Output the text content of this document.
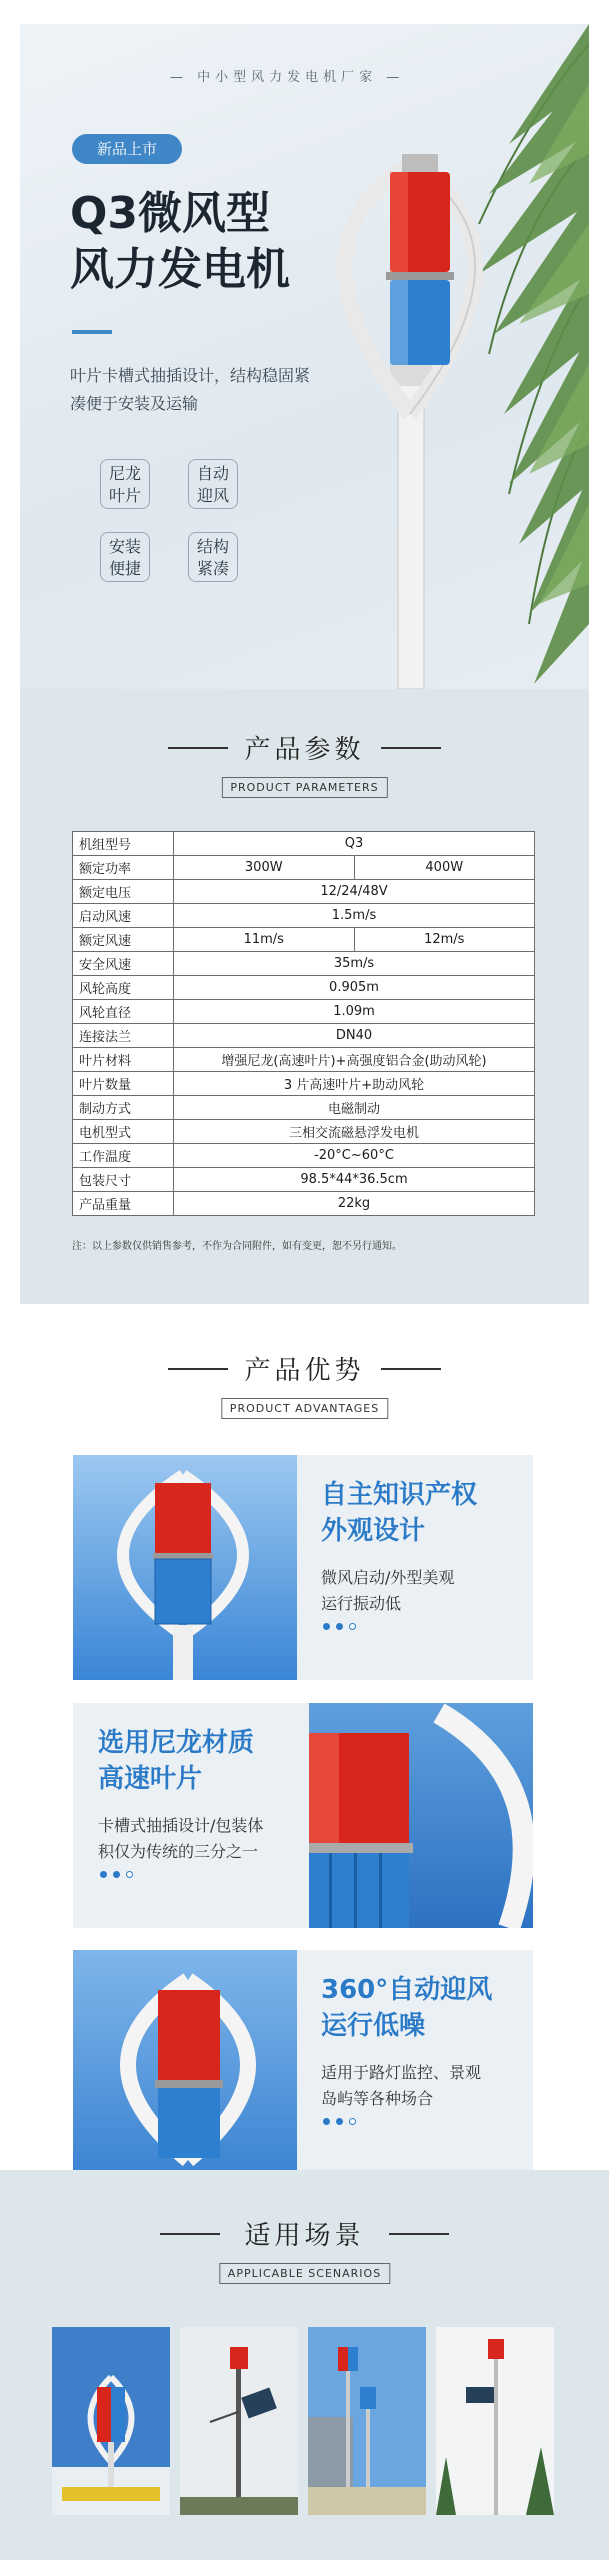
— 中小型风力发电机厂家 —
新品上市
Q3微风型
风力发电机
叶片卡槽式抽插设计，结构稳固紧凑便于安装及运输
尼龙
叶片
自动
迎风
安装
便捷
结构
紧凑
产品参数
PRODUCT PARAMETERS
机组型号	Q3	
额定功率	300W	400W
额定电压	12/24/48V	
启动风速	1.5m/s	
额定风速	11m/s	12m/s
安全风速	35m/s	
风轮高度	0.905m	
风轮直径	1.09m	
连接法兰	DN40	
叶片材料	增强尼龙(高速叶片)+高强度铝合金(助动风轮)	
叶片数量	3 片高速叶片+助动风轮	
制动方式	电磁制动	
电机型式	三相交流磁悬浮发电机	
工作温度	-20°C~60°C	
包装尺寸	98.5*44*36.5cm	
产品重量	22kg	
注：以上参数仅供销售参考，不作为合同附件，如有变更，恕不另行通知。
产品优势
PRODUCT ADVANTAGES
自主知识产权
外观设计
微风启动/外型美观
运行振动低
选用尼龙材质
高速叶片
卡槽式抽插设计/包装体
积仅为传统的三分之一
360°自动迎风
运行低噪
适用于路灯监控、景观
岛屿等各种场合
适用场景
APPLICABLE SCENARIOS
